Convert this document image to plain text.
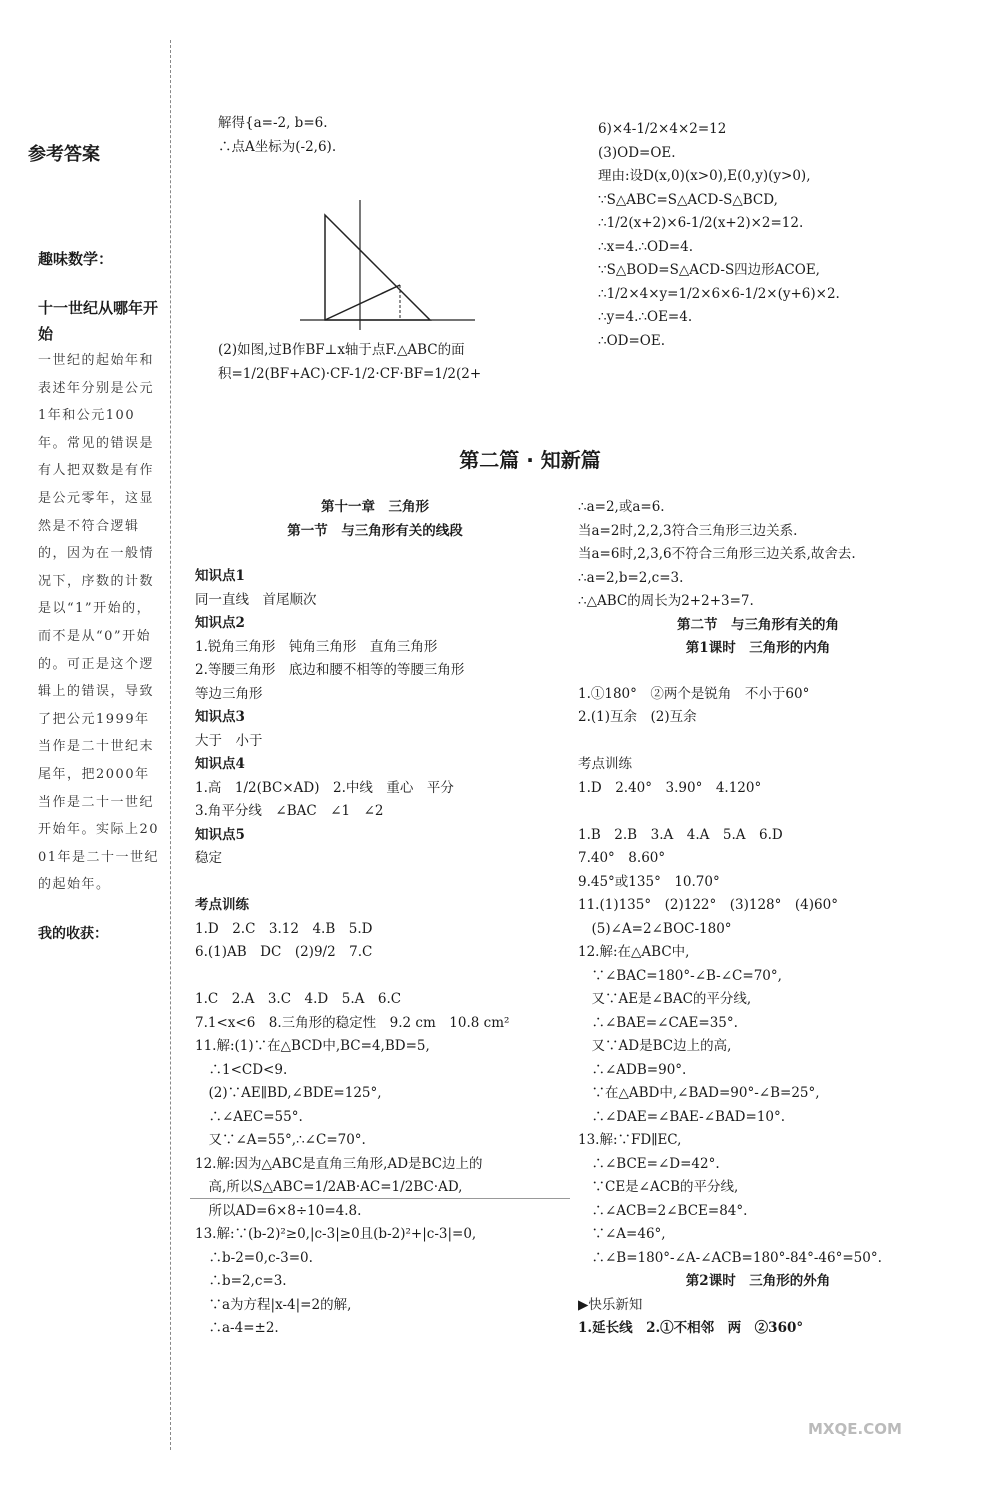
参考答案
趣味数学：
十一世纪从哪年开始
一世纪的起始年和表述年分别是公元1年和公元100年。常见的错误是有人把双数是有作是公元零年，这显然是不符合逻辑的，因为在一般情况下，序数的计数是以“1”开始的，而不是从“0”开始的。可正是这个逻辑上的错误，导致了把公元1999年当作是二十世纪末尾年，把2000年当作是二十一世纪开始年。实际上2001年是二十一世纪的起始年。
我的收获：

解得{a=-2, b=6.

∴点A坐标为(-2,6).

(2)如图,过B作BF⊥x轴于点F.△ABC的面

积=1/2(BF+AC)·CF-1/2·CF·BF=1/2(2+

6)×4-1/2×4×2=12

(3)OD=OE.

理由:设D(x,0)(x>0),E(0,y)(y>0),

∵S△ABC=S△ACD-S△BCD,

∴1/2(x+2)×6-1/2(x+2)×2=12.

∴x=4.∴OD=4.

∵S△BOD=S△ACD-S四边形ACOE,

∴1/2×4×y=1/2×6×6-1/2×(y+6)×2.

∴y=4.∴OE=4.

∴OD=OE.

第二篇 · 知新篇

第十一章　三角形

第一节　与三角形有关的线段

知识点1

同一直线　首尾顺次

知识点2

1.锐角三角形　钝角三角形　直角三角形

2.等腰三角形　底边和腰不相等的等腰三角形

等边三角形

知识点3

大于　小于

知识点4

1.高　1/2(BC×AD)　2.中线　重心　平分

3.角平分线　∠BAC　∠1　∠2

知识点5

稳定

考点训练

1.D　2.C　3.12　4.B　5.D

6.(1)AB　DC　(2)9/2　7.C

1.C　2.A　3.C　4.D　5.A　6.C

7.1<x<6　8.三角形的稳定性　9.2 cm　10.8 cm²

11.解:(1)∵在△BCD中,BC=4,BD=5,

　∴1<CD<9.

　(2)∵AE∥BD,∠BDE=125°,

　∴∠AEC=55°.

　又∵∠A=55°,∴∠C=70°.

12.解:因为△ABC是直角三角形,AD是BC边上的

　高,所以S△ABC=1/2AB·AC=1/2BC·AD,

　所以AD=6×8÷10=4.8.

13.解:∵(b-2)²≥0,|c-3|≥0且(b-2)²+|c-3|=0,

　∴b-2=0,c-3=0.

　∴b=2,c=3.

　∵a为方程|x-4|=2的解,

　∴a-4=±2.

∴a=2,或a=6.

当a=2时,2,2,3符合三角形三边关系.

当a=6时,2,3,6不符合三角形三边关系,故舍去.

∴a=2,b=2,c=3.

∴△ABC的周长为2+2+3=7.

第二节　与三角形有关的角

第1课时　三角形的内角

1.①180°　②两个是锐角　不小于60°

2.(1)互余　(2)互余

考点训练

1.D　2.40°　3.90°　4.120°

1.B　2.B　3.A　4.A　5.A　6.D

7.40°　8.60°

9.45°或135°　10.70°

11.(1)135°　(2)122°　(3)128°　(4)60°

　(5)∠A=2∠BOC-180°

12.解:在△ABC中,

　∵∠BAC=180°-∠B-∠C=70°,

　又∵AE是∠BAC的平分线,

　∴∠BAE=∠CAE=35°.

　又∵AD是BC边上的高,

　∴∠ADB=90°.

　∵在△ABD中,∠BAD=90°-∠B=25°,

　∴∠DAE=∠BAE-∠BAD=10°.

13.解:∵FD∥EC,

　∴∠BCE=∠D=42°.

　∵CE是∠ACB的平分线,

　∴∠ACB=2∠BCE=84°.

　∵∠A=46°,

　∴∠B=180°-∠A-∠ACB=180°-84°-46°=50°.

第2课时　三角形的外角

▶快乐新知

1.延长线　2.①不相邻　两　②360°

MXQE.COM
